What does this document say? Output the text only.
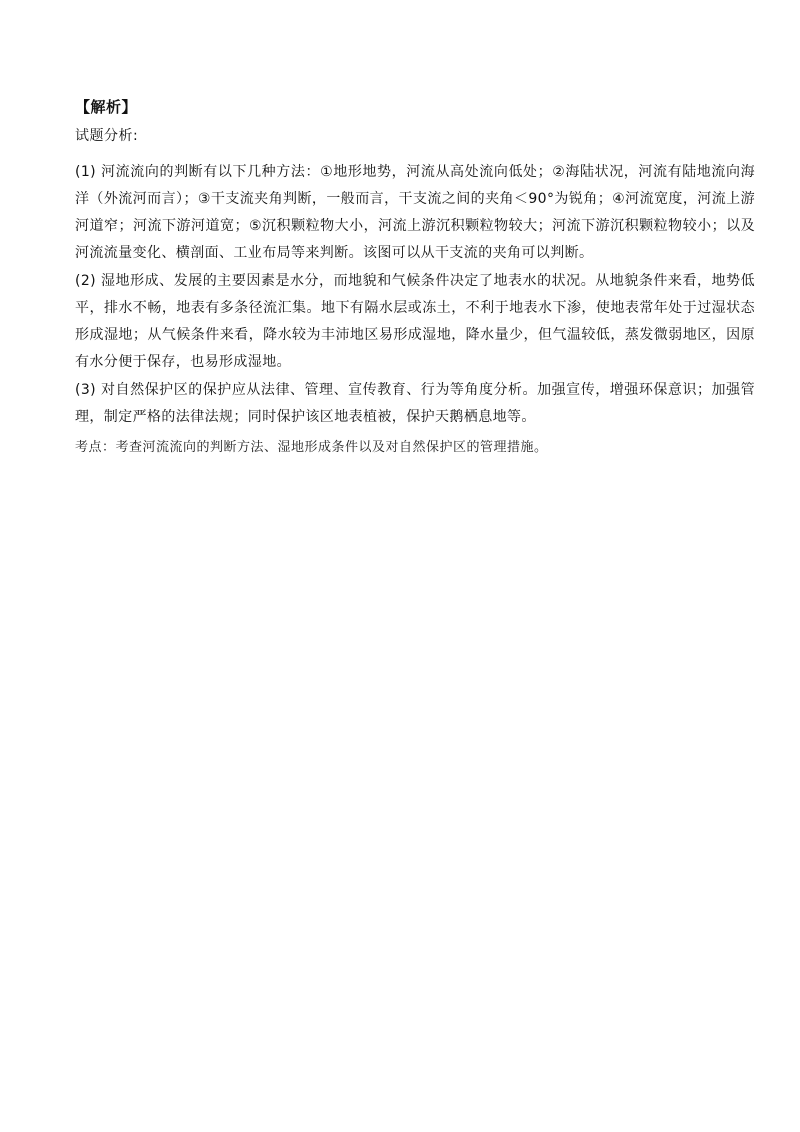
【解析】
试题分析:

(1) 河流流向的判断有以下几种方法：①地形地势，河流从高处流向低处；②海陆状况，河流有陆地流向海洋（外流河而言）；③干支流夹角判断，一般而言，干支流之间的夹角＜90°为锐角；④河流宽度，河流上游河道窄；河流下游河道宽；⑤沉积颗粒物大小，河流上游沉积颗粒物较大；河流下游沉积颗粒物较小；以及河流流量变化、横剖面、工业布局等来判断。该图可以从干支流的夹角可以判断。

(2) 湿地形成、发展的主要因素是水分，而地貌和气候条件决定了地表水的状况。从地貌条件来看，地势低平，排水不畅，地表有多条径流汇集。地下有隔水层或冻土，不利于地表水下渗，使地表常年处于过湿状态形成湿地；从气候条件来看，降水较为丰沛地区易形成湿地，降水量少，但气温较低，蒸发微弱地区，因原有水分便于保存，也易形成湿地。

(3) 对自然保护区的保护应从法律、管理、宣传教育、行为等角度分析。加强宣传，增强环保意识；加强管理，制定严格的法律法规；同时保护该区地表植被，保护天鹅栖息地等。

考点：考查河流流向的判断方法、湿地形成条件以及对自然保护区的管理措施。
